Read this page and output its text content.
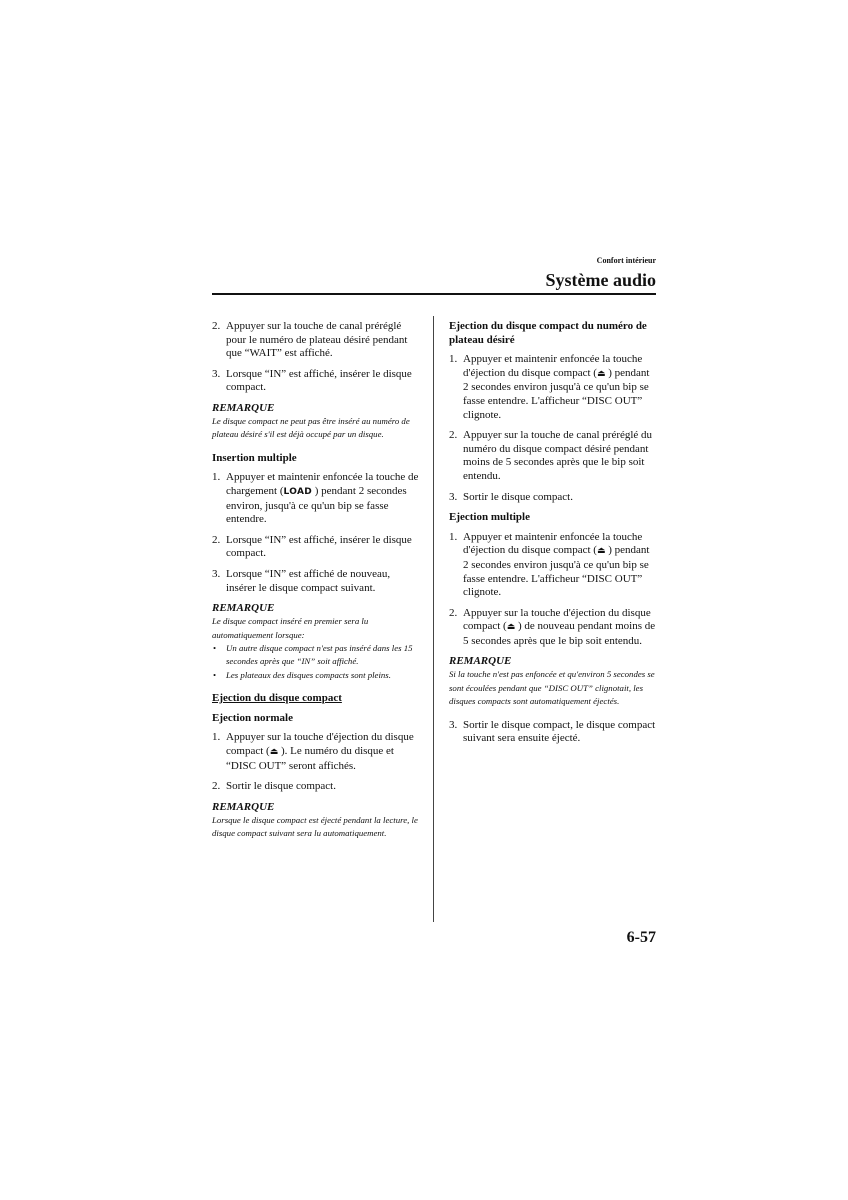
Confort intérieur
Système audio
2. Appuyer sur la touche de canal préréglé pour le numéro de plateau désiré pendant que “WAIT” est affiché.
3. Lorsque “IN” est affiché, insérer le disque compact.
REMARQUE
Le disque compact ne peut pas être inséré au numéro de plateau désiré s'il est déjà occupé par un disque.
Insertion multiple
1. Appuyer et maintenir enfoncée la touche de chargement (LOAD ) pendant 2 secondes environ, jusqu'à ce qu'un bip se fasse entendre.
2. Lorsque “IN” est affiché, insérer le disque compact.
3. Lorsque “IN” est affiché de nouveau, insérer le disque compact suivant.
REMARQUE
Le disque compact inséré en premier sera lu automatiquement lorsque:
• Un autre disque compact n'est pas inséré dans les 15 secondes après que “IN” soit affiché.
• Les plateaux des disques compacts sont pleins.
Ejection du disque compact
Ejection normale
1. Appuyer sur la touche d'éjection du disque compact (⏏ ). Le numéro du disque et “DISC OUT” seront affichés.
2. Sortir le disque compact.
REMARQUE
Lorsque le disque compact est éjecté pendant la lecture, le disque compact suivant sera lu automatiquement.
Ejection du disque compact du numéro de plateau désiré
1. Appuyer et maintenir enfoncée la touche d'éjection du disque compact (⏏ ) pendant 2 secondes environ jusqu'à ce qu'un bip se fasse entendre. L'afficheur “DISC OUT” clignote.
2. Appuyer sur la touche de canal préréglé du numéro du disque compact désiré pendant moins de 5 secondes après que le bip soit entendu.
3. Sortir le disque compact.
Ejection multiple
1. Appuyer et maintenir enfoncée la touche d'éjection du disque compact (⏏ ) pendant 2 secondes environ jusqu'à ce qu'un bip se fasse entendre. L'afficheur “DISC OUT” clignote.
2. Appuyer sur la touche d'éjection du disque compact (⏏ ) de nouveau pendant moins de 5 secondes après que le bip soit entendu.
REMARQUE
Si la touche n'est pas enfoncée et qu'environ 5 secondes se sont écoulées pendant que “DISC OUT” clignotait, les disques compacts sont automatiquement éjectés.
3. Sortir le disque compact, le disque compact suivant sera ensuite éjecté.
6-57
